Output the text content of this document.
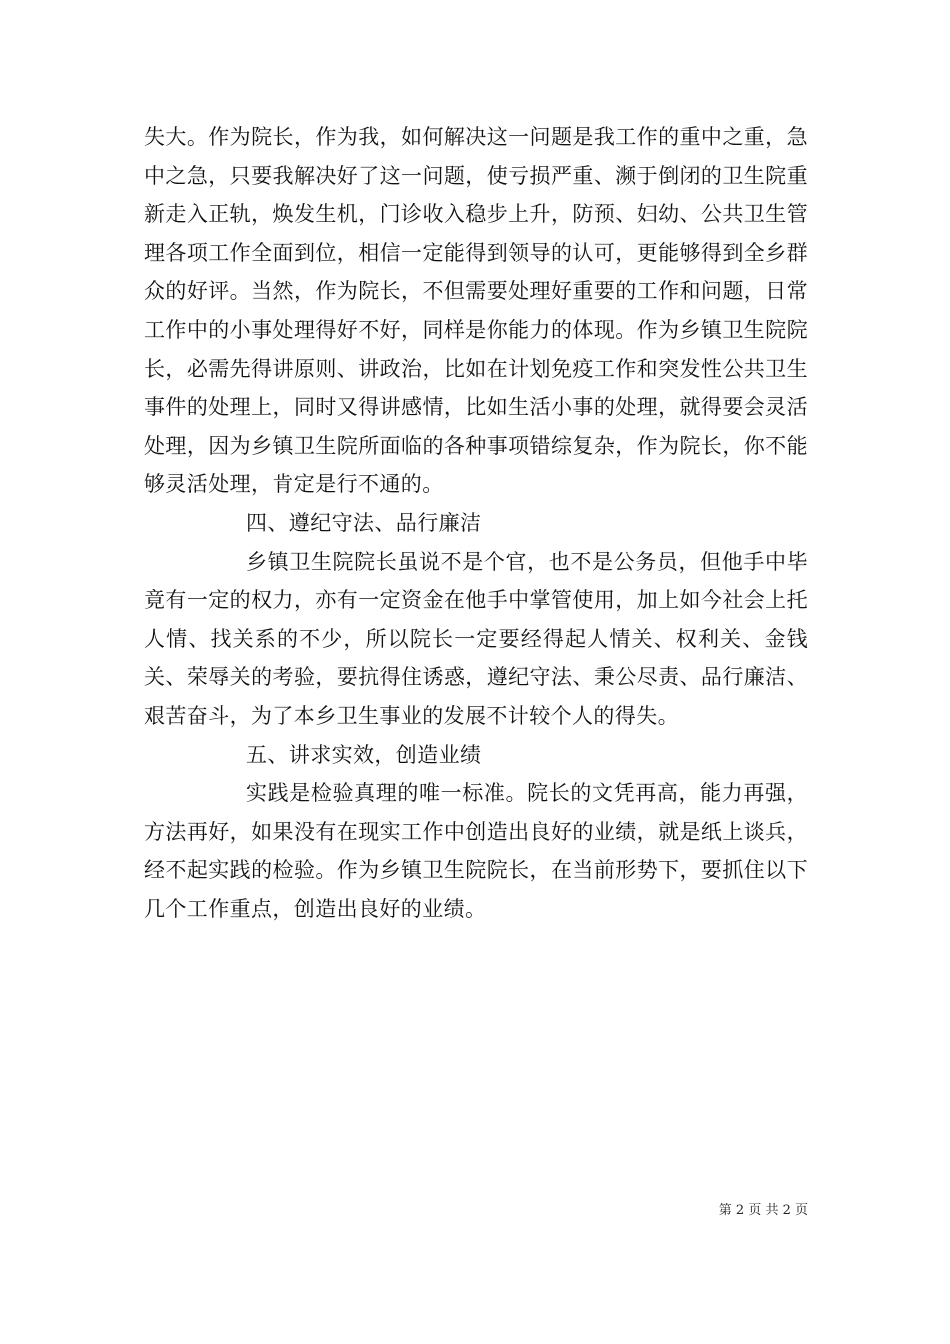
失大。作为院长，作为我，如何解决这一问题是我工作的重中之重，急中之急，只要我解决好了这一问题，使亏损严重、濒于倒闭的卫生院重新走入正轨，焕发生机，门诊收入稳步上升，防预、妇幼、公共卫生管理各项工作全面到位，相信一定能得到领导的认可，更能够得到全乡群众的好评。当然，作为院长，不但需要处理好重要的工作和问题，日常工作中的小事处理得好不好，同样是你能力的体现。作为乡镇卫生院院长，必需先得讲原则、讲政治，比如在计划免疫工作和突发性公共卫生事件的处理上，同时又得讲感情，比如生活小事的处理，就得要会灵活处理，因为乡镇卫生院所面临的各种事项错综复杂，作为院长，你不能够灵活处理，肯定是行不通的。

四、遵纪守法、品行廉洁

乡镇卫生院院长虽说不是个官，也不是公务员，但他手中毕竟有一定的权力，亦有一定资金在他手中掌管使用，加上如今社会上托人情、找关系的不少，所以院长一定要经得起人情关、权利关、金钱关、荣辱关的考验，要抗得住诱惑，遵纪守法、秉公尽责、品行廉洁、艰苦奋斗，为了本乡卫生事业的发展不计较个人的得失。

五、讲求实效，创造业绩

实践是检验真理的唯一标准。院长的文凭再高，能力再强，方法再好，如果没有在现实工作中创造出良好的业绩，就是纸上谈兵，经不起实践的检验。作为乡镇卫生院院长，在当前形势下，要抓住以下几个工作重点，创造出良好的业绩。

第 2 页 共 2 页
